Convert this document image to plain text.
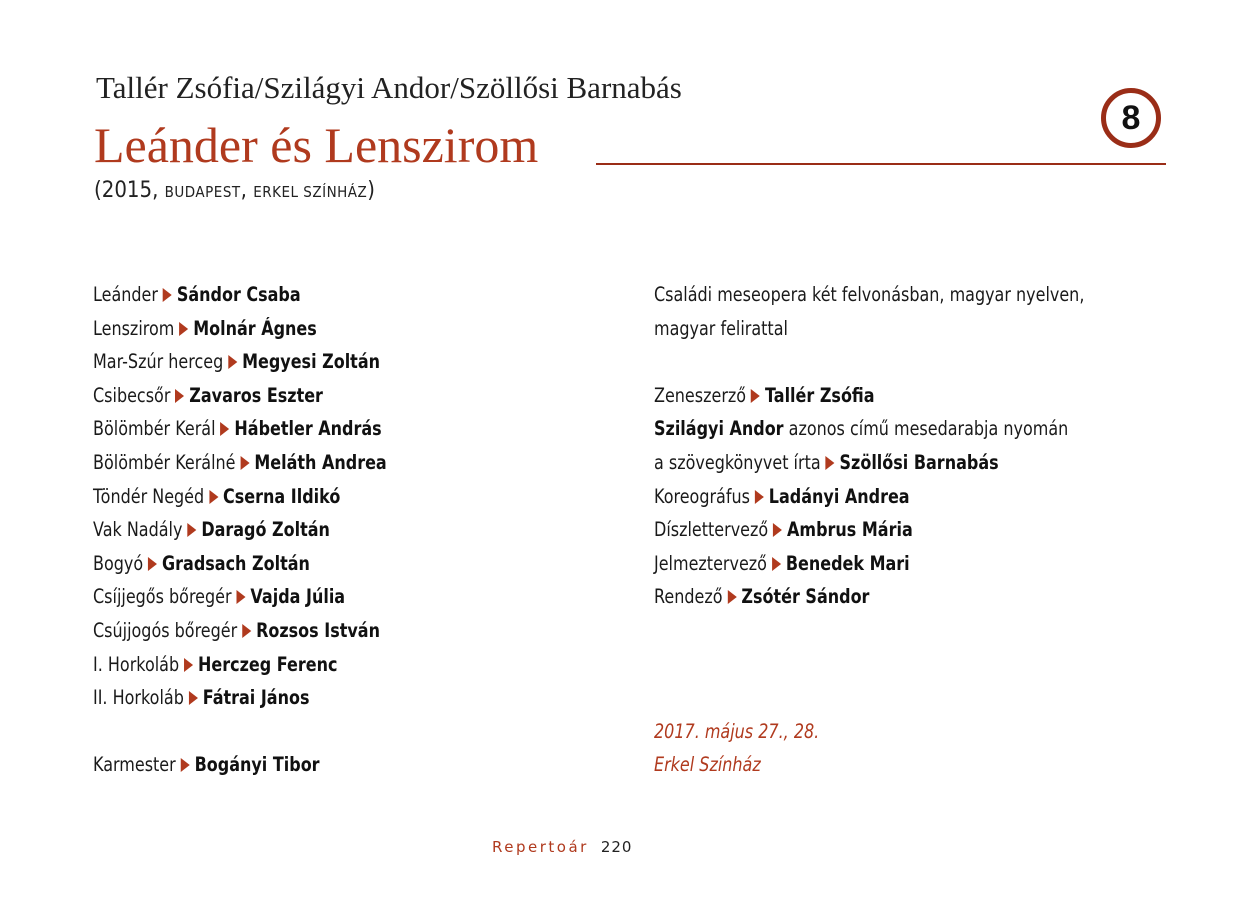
Tallér Zsófia/Szilágyi Andor/Szöllősi Barnabás
Leánder és Lenszirom	8
(2015, BUDAPEST, ERKEL SZÍNHÁZ)
Leánder Sándor Csaba
Lenszirom Molnár Ágnes
Mar-Szúr herceg Megyesi Zoltán
Csibecsőr Zavaros Eszter
Bölömbér Kerál Hábetler András
Bölömbér Kerálné Meláth Andrea
Töndér Negéd Cserna Ildikó
Vak Nadály Daragó Zoltán
Bogyó Gradsach Zoltán
Csíjjegős bőregér Vajda Júlia
Csújjogós bőregér Rozsos István
I. Horkoláb Herczeg Ferenc
II. Horkoláb Fátrai János
Karmester Bogányi Tibor
Családi meseopera két felvonásban, magyar nyelven,
magyar felirattal
Zeneszerző Tallér Zsófia
Szilágyi Andor azonos című mesedarabja nyomán
a szövegkönyvet írta Szöllősi Barnabás
Koreográfus Ladányi Andrea
Díszlettervező Ambrus Mária
Jelmeztervező Benedek Mari
Rendező Zsótér Sándor
2017. május 27., 28.
Erkel Színház
Repertoár 220
